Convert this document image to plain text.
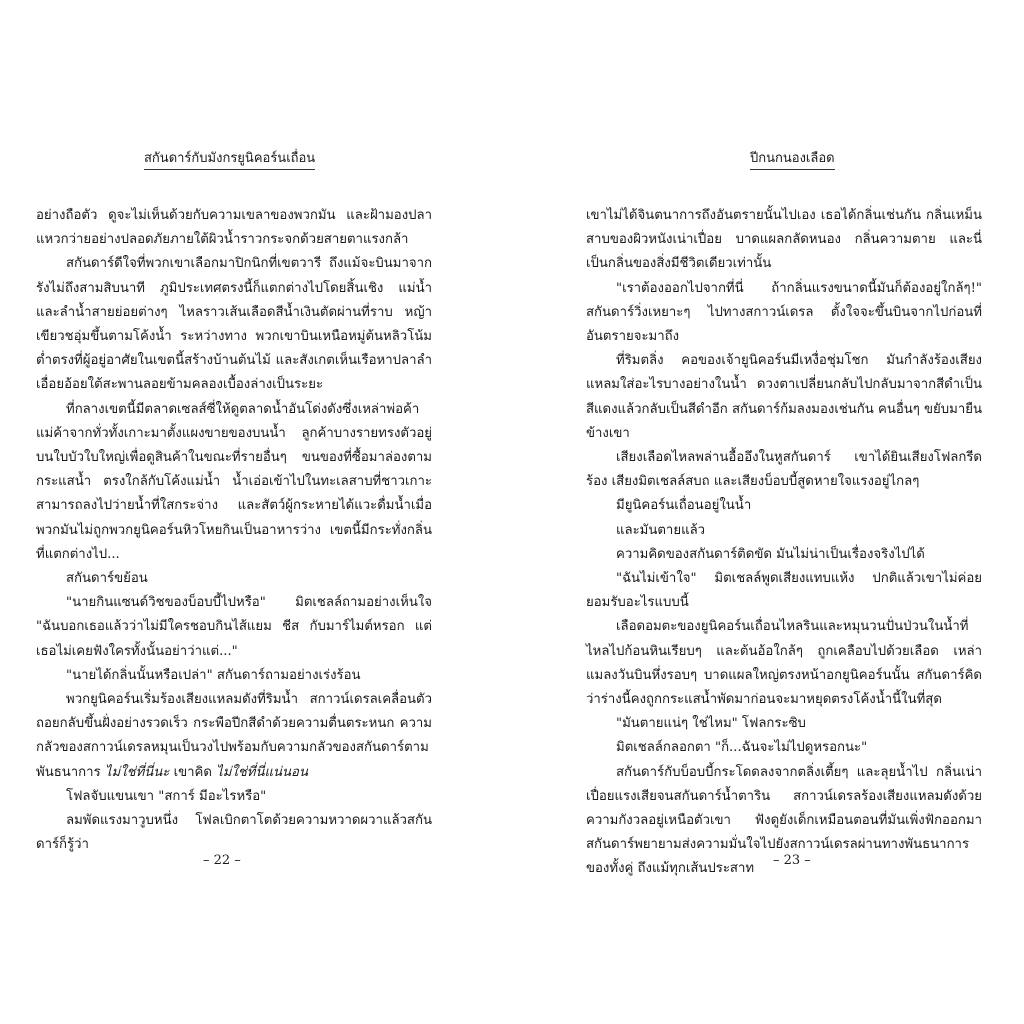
สกันดาร์กับมังกรยูนิคอร์นเถื่อน

อย่างถือตัว ดูจะไม่เห็นด้วยกับความเขลาของพวกมัน และฝ้ามองปลาแหวกว่ายอย่างปลอดภัยภายใต้ผิวน้ำราวกระจกด้วยสายตาแรงกล้า

สกันดาร์ดีใจที่พวกเขาเลือกมาปิกนิกที่เขตวารี ถึงแม้จะบินมาจากรังไม่ถึงสามสิบนาที ภูมิประเทศตรงนี้ก็แตกต่างไปโดยสิ้นเชิง แม่น้ำและลำน้ำสายย่อยต่างๆ ไหลราวเส้นเลือดสีน้ำเงินตัดผ่านที่ราบ หญ้าเขียวชอุ่มขึ้นตามโค้งน้ำ ระหว่างทาง พวกเขาบินเหนือหมู่ต้นหลิวโน้มต่ำตรงที่ผู้อยู่อาศัยในเขตนี้สร้างบ้านต้นไม้ และสังเกตเห็นเรือหาปลาลำเอื่อยอ้อยใต้สะพานลอยข้ามคลองเบื้องล่างเป็นระยะ

ที่กลางเขตนี้มีตลาดเซลส์ซี่ให้ดูตลาดน้ำอันโด่งดังซึ่งเหล่าพ่อค้าแม่ค้าจากทั่วทั้งเกาะมาตั้งแผงขายของบนน้ำ ลูกค้าบางรายทรงตัวอยู่บนใบบัวใบใหญ่เพื่อดูสินค้าในขณะที่รายอื่นๆ ขนของที่ซื้อมาล่องตามกระแสน้ำ ตรงใกล้กับโค้งแม่น้ำ น้ำเอ่อเข้าไปในทะเลสาบที่ชาวเกาะสามารถลงไปว่ายน้ำที่ใสกระจ่าง และสัตว์ผู้กระหายได้แวะดื่มน้ำเมื่อพวกมันไม่ถูกพวกยูนิคอร์นหิวโหยกินเป็นอาหารว่าง เขตนี้มีกระทั่งกลิ่นที่แตกต่างไป...

สกันดาร์ขย้อน

"นายกินแซนด์วิชของบ็อบบี้ไปหรือ" มิตเชลล์ถามอย่างเห็นใจ "ฉันบอกเธอแล้วว่าไม่มีใครชอบกินไส้แยม ชีส กับมาร์ไมต์หรอก แต่เธอไม่เคยฟังใครทั้งนั้นอย่าว่าแต่..."

"นายได้กลิ่นนั้นหรือเปล่า" สกันดาร์ถามอย่างเร่งร้อน

พวกยูนิคอร์นเริ่มร้องเสียงแหลมดังที่ริมน้ำ สกาวน์เดรลเคลื่อนตัวถอยกลับขึ้นฝั่งอย่างรวดเร็ว กระพือปีกสีดำด้วยความตื่นตระหนก ความกลัวของสกาวน์เดรลหมุนเป็นวงไปพร้อมกับความกลัวของสกันดาร์ตามพันธนาการ ไม่ใช่ที่นี่นะ เขาคิด ไม่ใช่ที่นี่แน่นอน

โฟลจับแขนเขา "สการ์ มีอะไรหรือ"

ลมพัดแรงมาวูบหนึ่ง โฟลเบิกตาโตด้วยความหวาดผวาแล้วสกันดาร์ก็รู้ว่า

– 22 –
ปีกนกนองเลือด

เขาไม่ได้จินตนาการถึงอันตรายนั้นไปเอง เธอได้กลิ่นเช่นกัน กลิ่นเหม็นสาบของผิวหนังเน่าเปื่อย บาดแผลกลัดหนอง กลิ่นความตาย และนี่เป็นกลิ่นของสิ่งมีชีวิตเดียวเท่านั้น

"เราต้องออกไปจากที่นี่ ถ้ากลิ่นแรงขนาดนี้มันก็ต้องอยู่ใกล้ๆ!" สกันดาร์วิ่งเหยาะๆ ไปทางสกาวน์เดรล ตั้งใจจะขึ้นบินจากไปก่อนที่อันตรายจะมาถึง

ที่ริมตลิ่ง คอของเจ้ายูนิคอร์นมีเหงื่อชุ่มโชก มันกำลังร้องเสียงแหลมใส่อะไรบางอย่างในน้ำ ดวงตาเปลี่ยนกลับไปกลับมาจากสีดำเป็นสีแดงแล้วกลับเป็นสีดำอีก สกันดาร์ก้มลงมองเช่นกัน คนอื่นๆ ขยับมายืนข้างเขา

เสียงเลือดไหลพล่านอื้ออึงในหูสกันดาร์ เขาได้ยินเสียงโฟลกรีดร้อง เสียงมิตเชลล์สบถ และเสียงบ็อบบี้สูดหายใจแรงอยู่ไกลๆ

มียูนิคอร์นเถื่อนอยู่ในน้ำ

และมันตายแล้ว

ความคิดของสกันดาร์ติดขัด มันไม่น่าเป็นเรื่องจริงไปได้

"ฉันไม่เข้าใจ" มิตเชลล์พูดเสียงแทบแห้ง ปกติแล้วเขาไม่ค่อยยอมรับอะไรแบบนี้

เลือดอมตะของยูนิคอร์นเถื่อนไหลรินและหมุนวนปั่นป่วนในน้ำที่ไหลไปก้อนหินเรียบๆ และต้นอ้อใกล้ๆ ถูกเคลือบไปด้วยเลือด เหล่าแมลงวันบินหึ่งรอบๆ บาดแผลใหญ่ตรงหน้าอกยูนิคอร์นนั้น สกันดาร์คิดว่าร่างนี้คงถูกกระแสน้ำพัดมาก่อนจะมาหยุดตรงโค้งน้ำนี้ในที่สุด

"มันตายแน่ๆ ใช่ไหม" โฟลกระซิบ

มิตเชลล์กลอกตา "ก็...ฉันจะไม่ไปดูหรอกนะ"

สกันดาร์กับบ็อบบี้กระโดดลงจากตลิ่งเตี้ยๆ และลุยน้ำไป กลิ่นเน่าเปื่อยแรงเสียจนสกันดาร์น้ำตาริน สกาวน์เดรลร้องเสียงแหลมดังด้วยความกังวลอยู่เหนือตัวเขา ฟังดูยังเด็กเหมือนตอนที่มันเพิ่งฟักออกมา สกันดาร์พยายามส่งความมั่นใจไปยังสกาวน์เดรลผ่านทางพันธนาการของทั้งคู่ ถึงแม้ทุกเส้นประสาท

– 23 –
